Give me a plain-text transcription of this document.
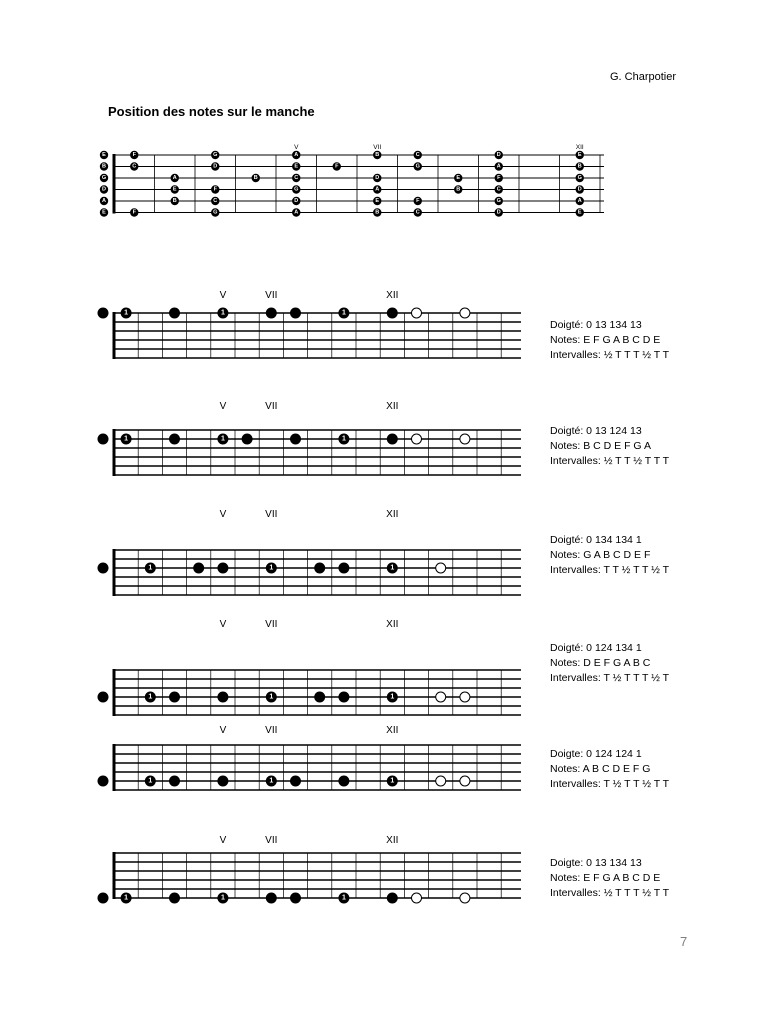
G. Charpotier
Position des notes sur le manche
V	VII	XII
E
B
G
D
A
E
F	G	A	B	C	D	E
C	D	E	F	G	A	B
A	B	C	D	E	F	G
E	F	G	A	B	C	D
B	C	D	E	F	G	A
F	G	A	B	C	D	E
V	VII	XII
1	1	1
V	VII	XII
1	1	1
V	VII	XII
1	1	1
V	VII	XII
1	1	1
V	VII	XII
1	1	1
V	VII	XII
1	1	1
Doigté: 0 13 134 13
Notes: E F G A B C D E
Intervalles: ½ T T T ½ T T
Doigté: 0 13 124 13
Notes: B C D E F G A
Intervalles: ½ T T ½ T T T
Doigté: 0 134 134 1
Notes: G A B C D E F
Intervalles: T T ½ T T ½ T
Doigté: 0 124 134 1
Notes: D E F G A B C
Intervalles: T ½ T T T ½ T
Doigte: 0 124 124 1
Notes: A B C D E F G
Intervalles: T ½ T T ½ T T
Doigte: 0 13 134 13
Notes: E F G A B C D E
Intervalles: ½ T T T ½ T T
7
